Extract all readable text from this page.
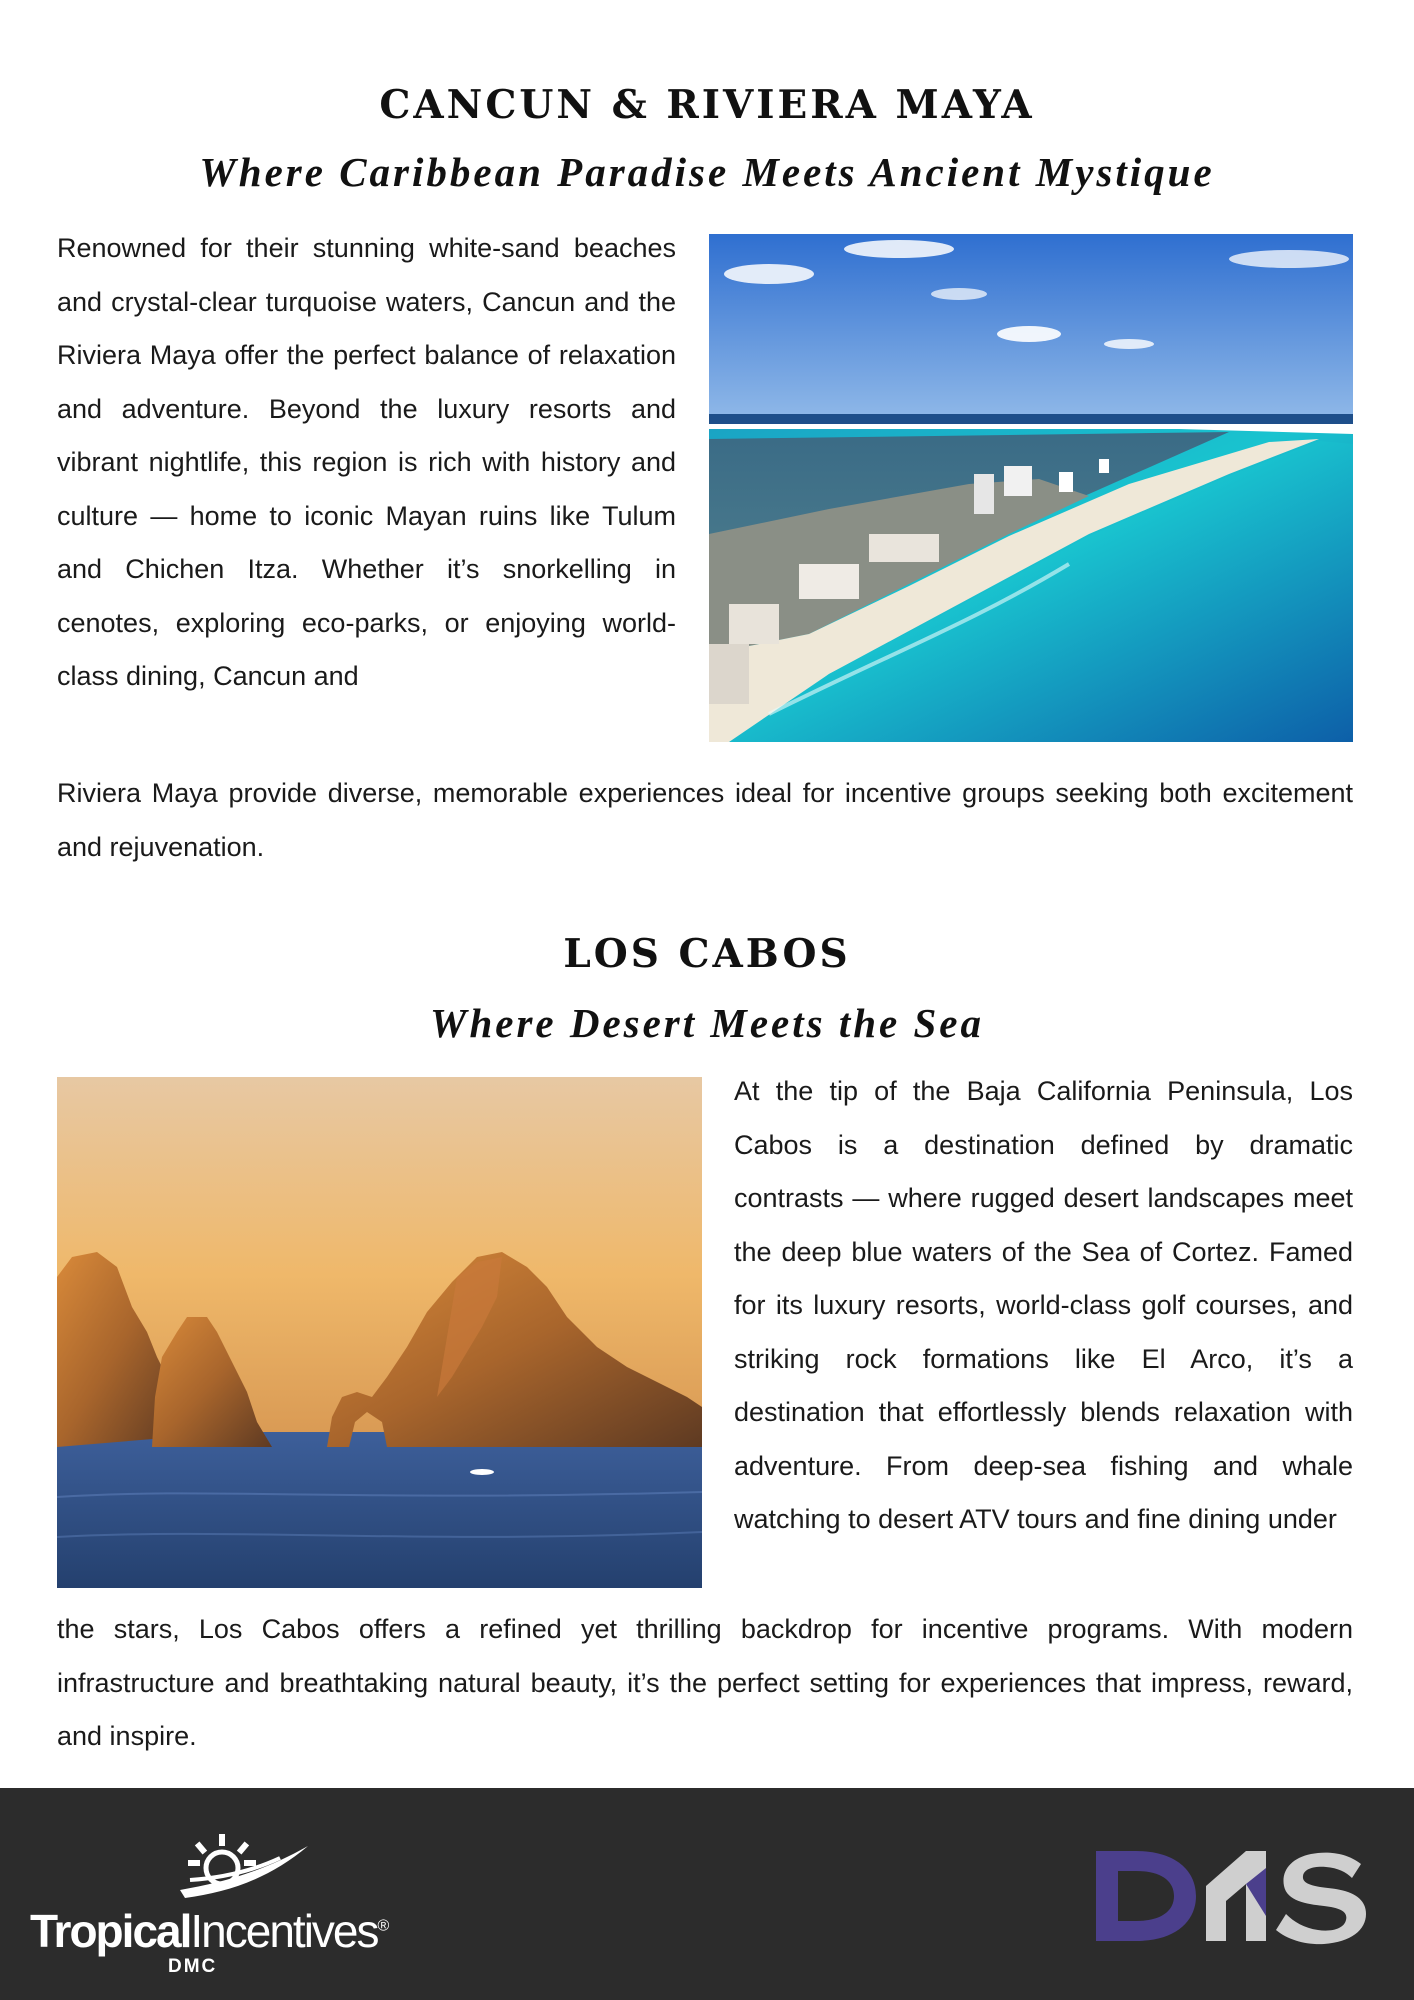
CANCUN & RIVIERA MAYA
Where Caribbean Paradise Meets Ancient Mystique

Renowned for their stunning white-sand beaches and crystal-clear turquoise waters, Cancun and the Riviera Maya offer the perfect balance of relaxation and adventure. Beyond the luxury resorts and vibrant nightlife, this region is rich with history and culture — home to iconic Mayan ruins like Tulum and Chichen Itza. Whether it’s snorkelling in cenotes, exploring eco-parks, or enjoying world-class dining, Cancun and

Riviera Maya provide diverse, memorable experiences ideal for incentive groups seeking both excitement and rejuvenation.

LOS CABOS
Where Desert Meets the Sea

At the tip of the Baja California Peninsula, Los Cabos is a destination defined by dramatic contrasts — where rugged desert landscapes meet the deep blue waters of the Sea of Cortez. Famed for its luxury resorts, world-class golf courses, and striking rock formations like El Arco, it’s a destination that effortlessly blends relaxation with adventure. From deep-sea fishing and whale watching to desert ATV tours and fine dining under

the stars, Los Cabos offers a refined yet thrilling backdrop for incentive programs. With modern infrastructure and breathtaking natural beauty, it’s the perfect setting for experiences that impress, reward, and inspire.

TropicalIncentives®
DMC
